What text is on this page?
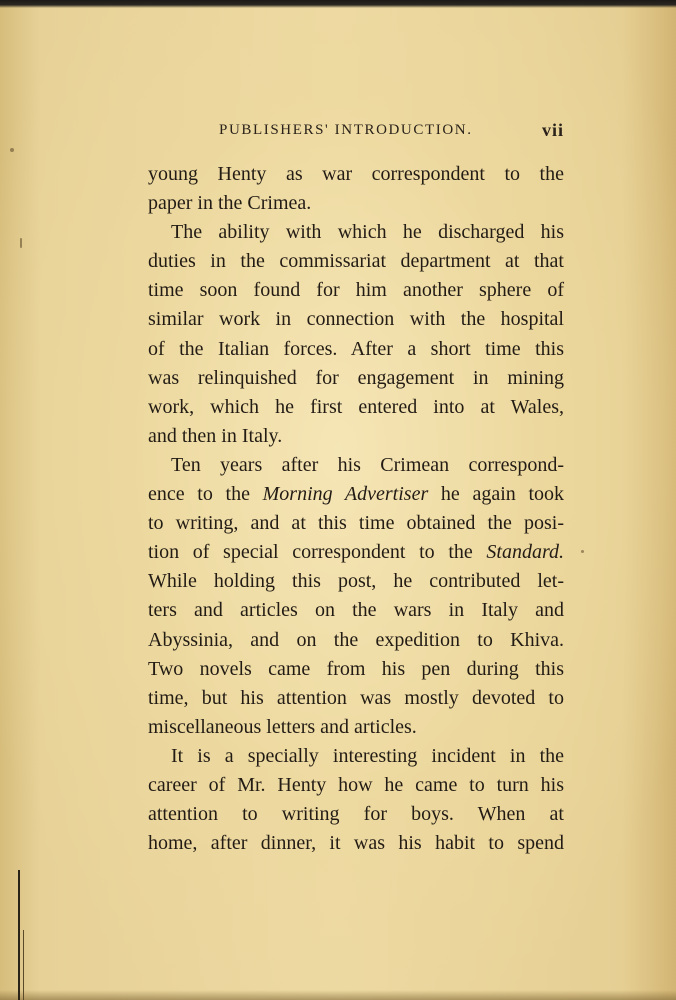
PUBLISHERS' INTRODUCTION.	vii
young Henty as war correspondent to the
paper in the Crimea.
The ability with which he discharged his
duties in the commissariat department at that
time soon found for him another sphere of
similar work in connection with the hospital
of the Italian forces. After a short time this
was relinquished for engagement in mining
work, which he first entered into at Wales,
and then in Italy.
Ten years after his Crimean correspond-
ence to the Morning Advertiser he again took
to writing, and at this time obtained the posi-
tion of special correspondent to the Standard.
While holding this post, he contributed let-
ters and articles on the wars in Italy and
Abyssinia, and on the expedition to Khiva.
Two novels came from his pen during this
time, but his attention was mostly devoted to
miscellaneous letters and articles.
It is a specially interesting incident in the
career of Mr. Henty how he came to turn his
attention to writing for boys. When at
home, after dinner, it was his habit to spend
